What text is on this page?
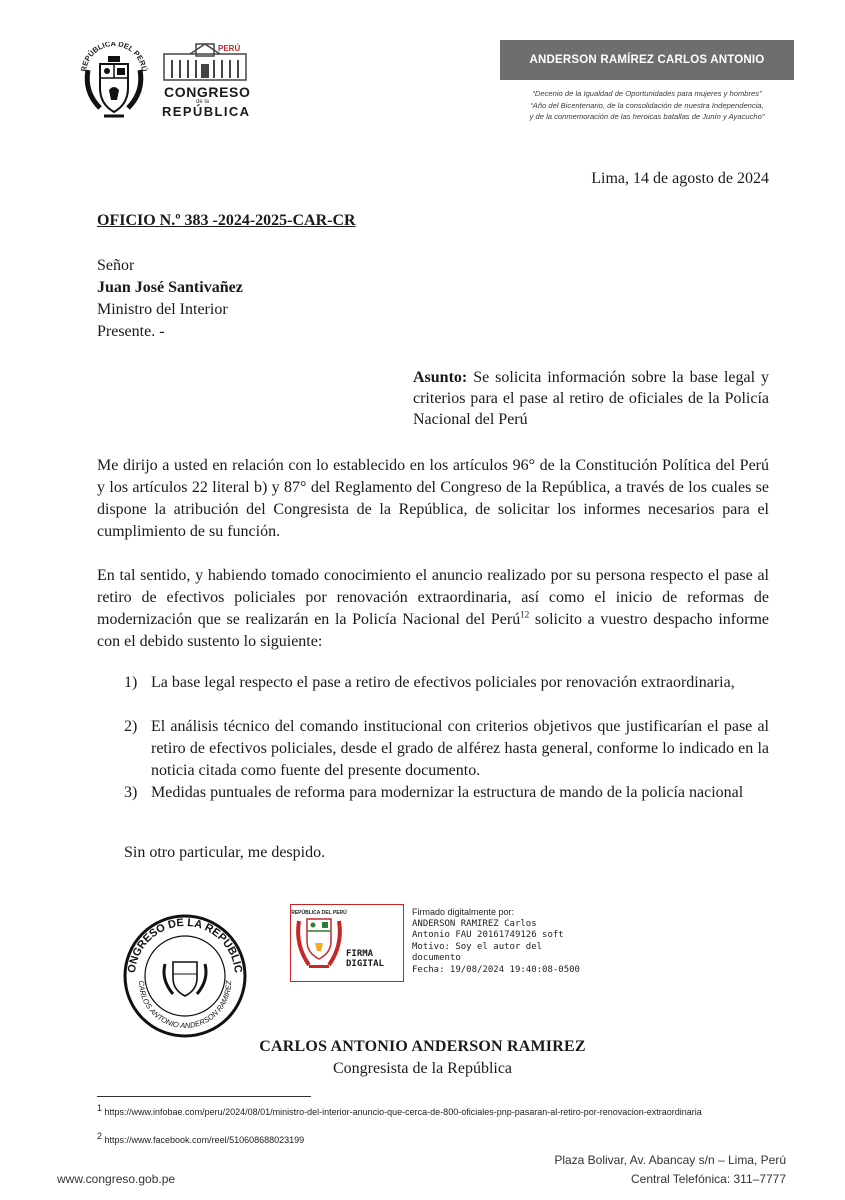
REPÚBLICA DEL PERÚ
PERÚ
CONGRESO
de la
REPÚBLICA
ANDERSON RAMÍREZ CARLOS ANTONIO
“Decenio de la Igualdad de Oportunidades para mujeres y hombres”
“Año del Bicentenario, de la consolidación de nuestra Independencia,
y de la conmemoración de las heroicas batallas de Junín y Ayacucho”
Lima, 14 de agosto de 2024
OFICIO N.º 383 -2024-2025-CAR-CR
Señor
Juan José Santivañez
Ministro del Interior
Presente. -
Asunto: Se solicita información sobre la base legal y criterios para el pase al retiro de oficiales de la Policía Nacional del Perú
Me dirijo a usted en relación con lo establecido en los artículos 96° de la Constitución Política del Perú y los artículos 22 literal b) y 87° del Reglamento del Congreso de la República, a través de los cuales se dispone la atribución del Congresista de la República, de solicitar los informes necesarios para el cumplimiento de su función.
En tal sentido, y habiendo tomado conocimiento el anuncio realizado por su persona respecto el pase al retiro de efectivos policiales por renovación extraordinaria, así como el inicio de reformas de modernización que se realizarán en la Policía Nacional del Perú$^{12}$ solicito a vuestro despacho informe con el debido sustento lo siguiente:
1) La base legal respecto el pase a retiro de efectivos policiales por renovación extraordinaria,
2) El análisis técnico del comando institucional con criterios objetivos que justificarían el pase al retiro de efectivos policiales, desde el grado de alférez hasta general, conforme lo indicado en la noticia citada como fuente del presente documento.
3) Medidas puntuales de reforma para modernizar la estructura de mando de la policía nacional
Sin otro particular, me despido.
ONGRESO DE LA REPÚBLIC
CARLOS ANTONIO ANDERSON RAMIREZ
REPÚBLICA DEL PERÚ
FIRMA
DIGITAL
Firmado digitalmente por:
ANDERSON RAMIREZ Carlos
Antonio FAU 20161749126 soft
Motivo: Soy el autor del
documento
Fecha: 19/08/2024 19:40:08-0500
CARLOS ANTONIO ANDERSON RAMIREZ
Congresista de la República
$^1$ https://www.infobae.com/peru/2024/08/01/ministro-del-interior-anuncio-que-cerca-de-800-oficiales-pnp-pasaran-al-retiro-por-renovacion-extraordinaria
$^2$ https://www.facebook.com/reel/510608688023199
www.congreso.gob.pe
Plaza Bolivar, Av. Abancay s/n – Lima, Perú
Central Telefónica: 311–7777
